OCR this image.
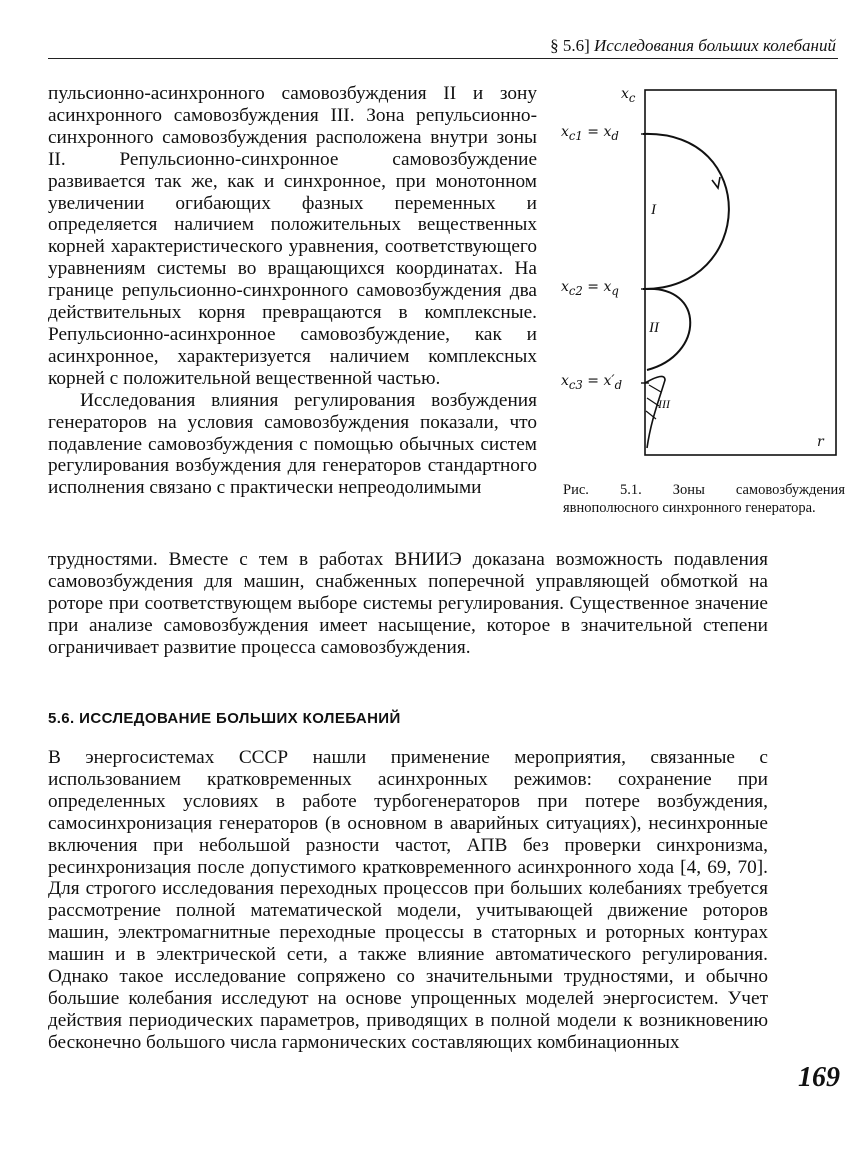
§ 5.6] Исследования больших колебаний

пульсионно-асинхронного самовозбуждения II и зону асинхронного самовозбуждения III. Зона репульсионно-синхронного самовозбуждения расположена внутри зоны II. Репульсионно-синхронное самовозбуждение развивается так же, как и синхронное, при монотонном увеличении огибающих фазных переменных и определяется наличием положительных вещественных корней характеристического уравнения, соответствующего уравнениям системы во вращающихся координатах. На границе репульсионно-синхронного самовозбуждения два действительных корня превращаются в комплексные. Репульсионно-асинхронное самовозбуждение, как и асинхронное, характеризуется наличием комплексных корней с положительной вещественной частью.

Исследования влияния регулирования возбуждения генераторов на условия самовозбуждения показали, что подавление самовозбуждения с помощью обычных систем регулирования возбуждения для генераторов стандартного исполнения связано с практически непреодолимыми

трудностями. Вместе с тем в работах ВНИИЭ доказана возможность подавления самовозбуждения для машин, снабженных поперечной управляющей обмоткой на роторе при соответствующем выборе системы регулирования. Существенное значение при анализе самовозбуждения имеет насыщение, которое в значительной степени ограничивает развитие процесса самовозбуждения.

5.6. ИССЛЕДОВАНИЕ БОЛЬШИХ КОЛЕБАНИЙ

В энергосистемах СССР нашли применение мероприятия, связанные с использованием кратковременных асинхронных режимов: сохранение при определенных условиях в работе турбогенераторов при потере возбуждения, самосинхронизация генераторов (в основном в аварийных ситуациях), несинхронные включения при небольшой разности частот, АПВ без проверки синхронизма, ресинхронизация после допустимого кратковременного асинхронного хода [4, 69, 70]. Для строгого исследования переходных процессов при больших колебаниях требуется рассмотрение полной математической модели, учитывающей движение роторов машин, электромагнитные переходные процессы в статорных и роторных контурах машин и в электрической сети, а также влияние автоматического регулирования. Однако такое исследование сопряжено со значительными трудностями, и обычно большие колебания исследуют на основе упрощенных моделей энергосистем. Учет действия периодических параметров, приводящих в полной модели к возникновению бесконечно большого числа гармонических составляющих комбинационных

$x_c$
r
$x_{c1} = x_d$
$x_{c2} = x_q$
$x_{c3} = x'_d$
I
II
III
Рис. 5.1. Зоны самовозбуждения явнополюсного синхронного генератора.
169
